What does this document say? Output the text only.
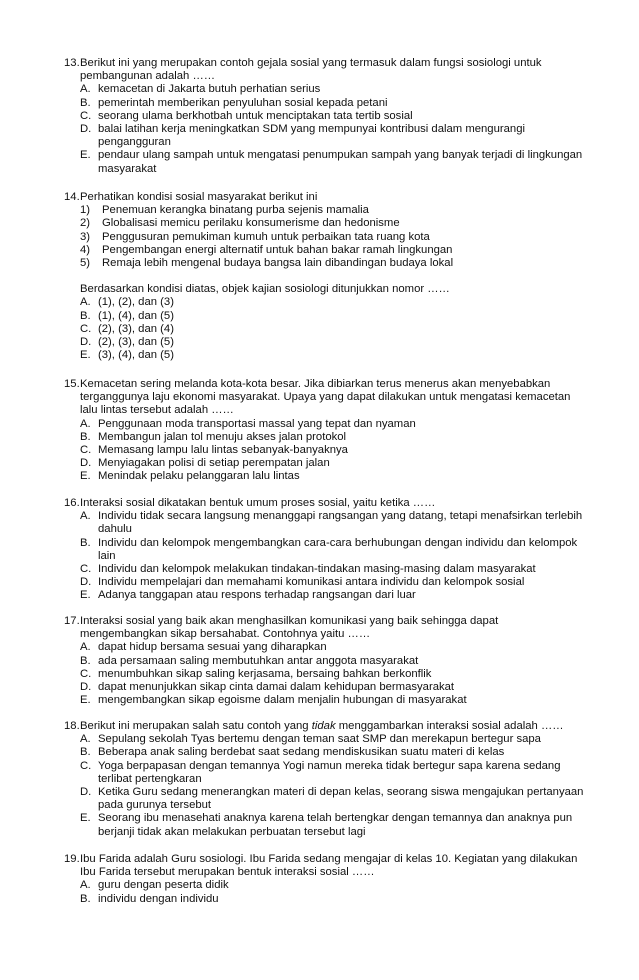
13. Berikut ini yang merupakan contoh gejala sosial yang termasuk dalam fungsi sosiologi untuk pembangunan adalah ……
A. kemacetan di Jakarta butuh perhatian serius
B. pemerintah memberikan penyuluhan sosial kepada petani
C. seorang ulama berkhotbah untuk menciptakan tata tertib sosial
D. balai latihan kerja meningkatkan SDM yang mempunyai kontribusi dalam mengurangi pengangguran
E. pendaur ulang sampah untuk mengatasi penumpukan sampah yang banyak terjadi di lingkungan masyarakat
14. Perhatikan kondisi sosial masyarakat berikut ini
1)	Penemuan kerangka binatang purba sejenis mamalia
2)	Globalisasi memicu perilaku konsumerisme dan hedonisme
3)	Penggusuran pemukiman kumuh untuk perbaikan tata ruang kota
4)	Pengembangan energi alternatif untuk bahan bakar ramah lingkungan
5)	Remaja lebih mengenal budaya bangsa lain dibandingan budaya lokal
Berdasarkan kondisi diatas, objek kajian sosiologi ditunjukkan nomor ……
A. (1), (2), dan (3)
B. (1), (4), dan (5)
C. (2), (3), dan (4)
D. (2), (3), dan (5)
E. (3), (4), dan (5)
15. Kemacetan sering melanda kota-kota besar. Jika dibiarkan terus menerus akan menyebabkan terganggunya laju ekonomi masyarakat. Upaya yang dapat dilakukan untuk mengatasi kemacetan lalu lintas tersebut adalah ……
A. Penggunaan moda transportasi massal yang tepat dan nyaman
B. Membangun jalan tol menuju akses jalan protokol
C. Memasang lampu lalu lintas sebanyak-banyaknya
D. Menyiagakan polisi di setiap perempatan jalan
E. Menindak pelaku pelanggaran lalu lintas
16. Interaksi sosial dikatakan bentuk umum proses sosial, yaitu ketika ……
A. Individu tidak secara langsung menanggapi rangsangan yang datang, tetapi menafsirkan terlebih dahulu
B. Individu dan kelompok mengembangkan cara-cara berhubungan dengan individu dan kelompok lain
C. Individu dan kelompok melakukan tindakan-tindakan masing-masing dalam masyarakat
D. Individu mempelajari dan memahami komunikasi antara individu dan kelompok sosial
E. Adanya tanggapan atau respons terhadap rangsangan dari luar
17. Interaksi sosial yang baik akan menghasilkan komunikasi yang baik sehingga dapat mengembangkan sikap bersahabat. Contohnya yaitu ……
A. dapat hidup bersama sesuai yang diharapkan
B. ada persamaan saling membutuhkan antar anggota masyarakat
C. menumbuhkan sikap saling kerjasama, bersaing bahkan berkonflik
D. dapat menunjukkan sikap cinta damai dalam kehidupan bermasyarakat
E. mengembangkan sikap egoisme dalam menjalin hubungan di masyarakat
18. Berikut ini merupakan salah satu contoh yang tidak menggambarkan interaksi sosial adalah ……
A. Sepulang sekolah Tyas bertemu dengan teman saat SMP dan merekapun bertegur sapa
B. Beberapa anak saling berdebat saat sedang mendiskusikan suatu materi di kelas
C. Yoga berpapasan dengan temannya Yogi namun mereka tidak bertegur sapa karena sedang terlibat pertengkaran
D. Ketika Guru sedang menerangkan materi di depan kelas, seorang siswa mengajukan pertanyaan pada gurunya tersebut
E. Seorang ibu menasehati anaknya karena telah bertengkar dengan temannya dan anaknya pun berjanji tidak akan melakukan perbuatan tersebut lagi
19. Ibu Farida adalah Guru sosiologi. Ibu Farida sedang mengajar di kelas 10. Kegiatan yang dilakukan Ibu Farida tersebut merupakan bentuk interaksi sosial ……
A. guru dengan peserta didik
B. individu dengan individu
